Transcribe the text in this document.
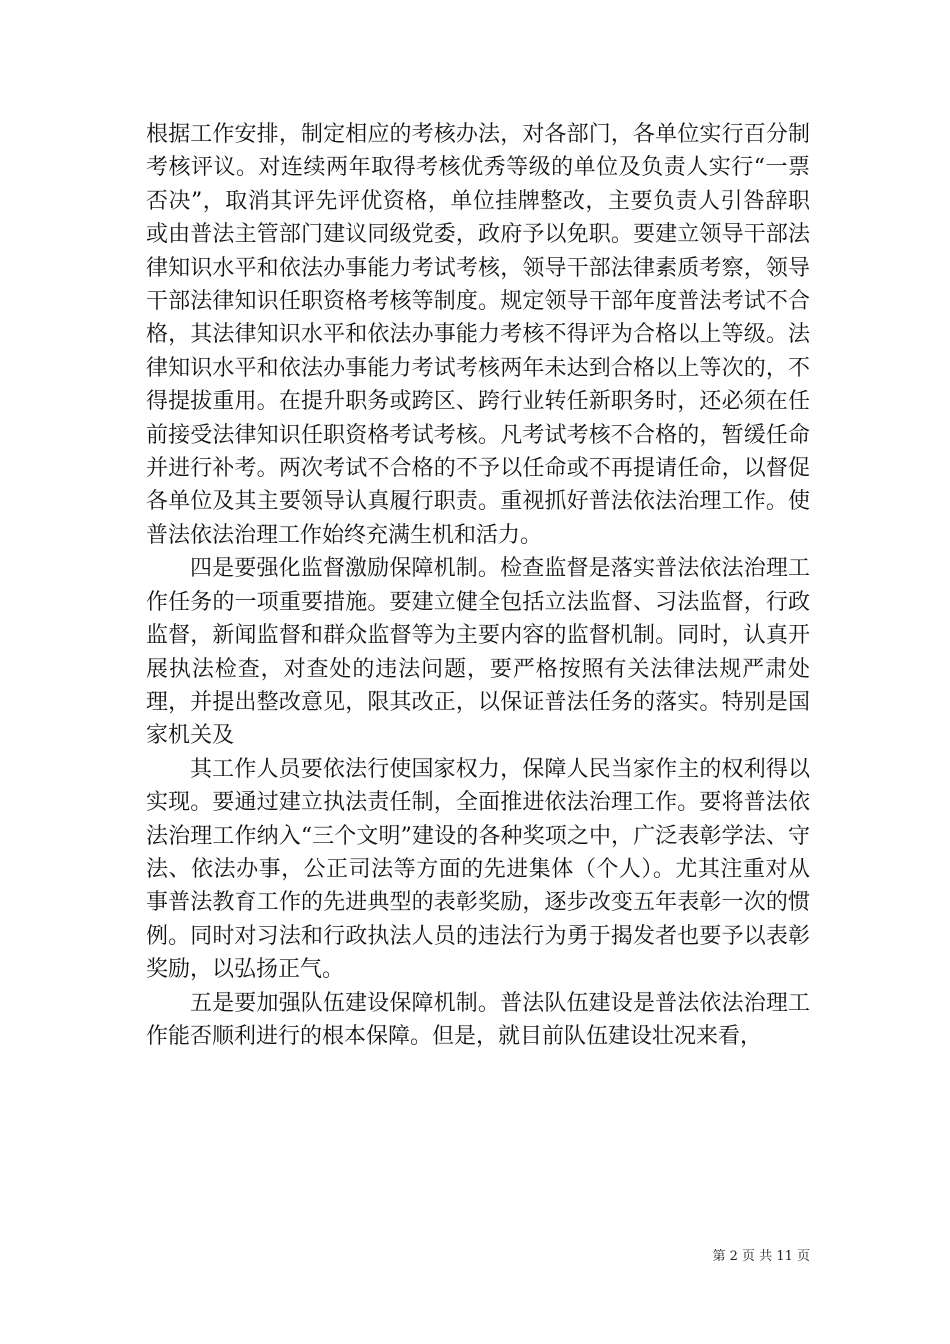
根据工作安排，制定相应的考核办法，对各部门，各单位实行百分制考核评议。对连续两年取得考核优秀等级的单位及负责人实行“一票否决”，取消其评先评优资格，单位挂牌整改，主要负责人引咎辞职或由普法主管部门建议同级党委，政府予以免职。要建立领导干部法律知识水平和依法办事能力考试考核，领导干部法律素质考察，领导干部法律知识任职资格考核等制度。规定领导干部年度普法考试不合格，其法律知识水平和依法办事能力考核不得评为合格以上等级。法律知识水平和依法办事能力考试考核两年未达到合格以上等次的，不得提拔重用。在提升职务或跨区、跨行业转任新职务时，还必须在任前接受法律知识任职资格考试考核。凡考试考核不合格的，暂缓任命并进行补考。两次考试不合格的不予以任命或不再提请任命，以督促各单位及其主要领导认真履行职责。重视抓好普法依法治理工作。使普法依法治理工作始终充满生机和活力。

四是要强化监督激励保障机制。检查监督是落实普法依法治理工作任务的一项重要措施。要建立健全包括立法监督、习法监督，行政监督，新闻监督和群众监督等为主要内容的监督机制。同时，认真开展执法检查，对查处的违法问题，要严格按照有关法律法规严肃处理，并提出整改意见，限其改正，以保证普法任务的落实。特别是国家机关及

其工作人员要依法行使国家权力，保障人民当家作主的权利得以实现。要通过建立执法责任制，全面推进依法治理工作。要将普法依法治理工作纳入“三个文明”建设的各种奖项之中，广泛表彰学法、守法、依法办事，公正司法等方面的先进集体（个人）。尤其注重对从事普法教育工作的先进典型的表彰奖励，逐步改变五年表彰一次的惯例。同时对习法和行政执法人员的违法行为勇于揭发者也要予以表彰奖励，以弘扬正气。

五是要加强队伍建设保障机制。普法队伍建设是普法依法治理工作能否顺利进行的根本保障。但是，就目前队伍建设壮况来看，

第 2 页 共 11 页
